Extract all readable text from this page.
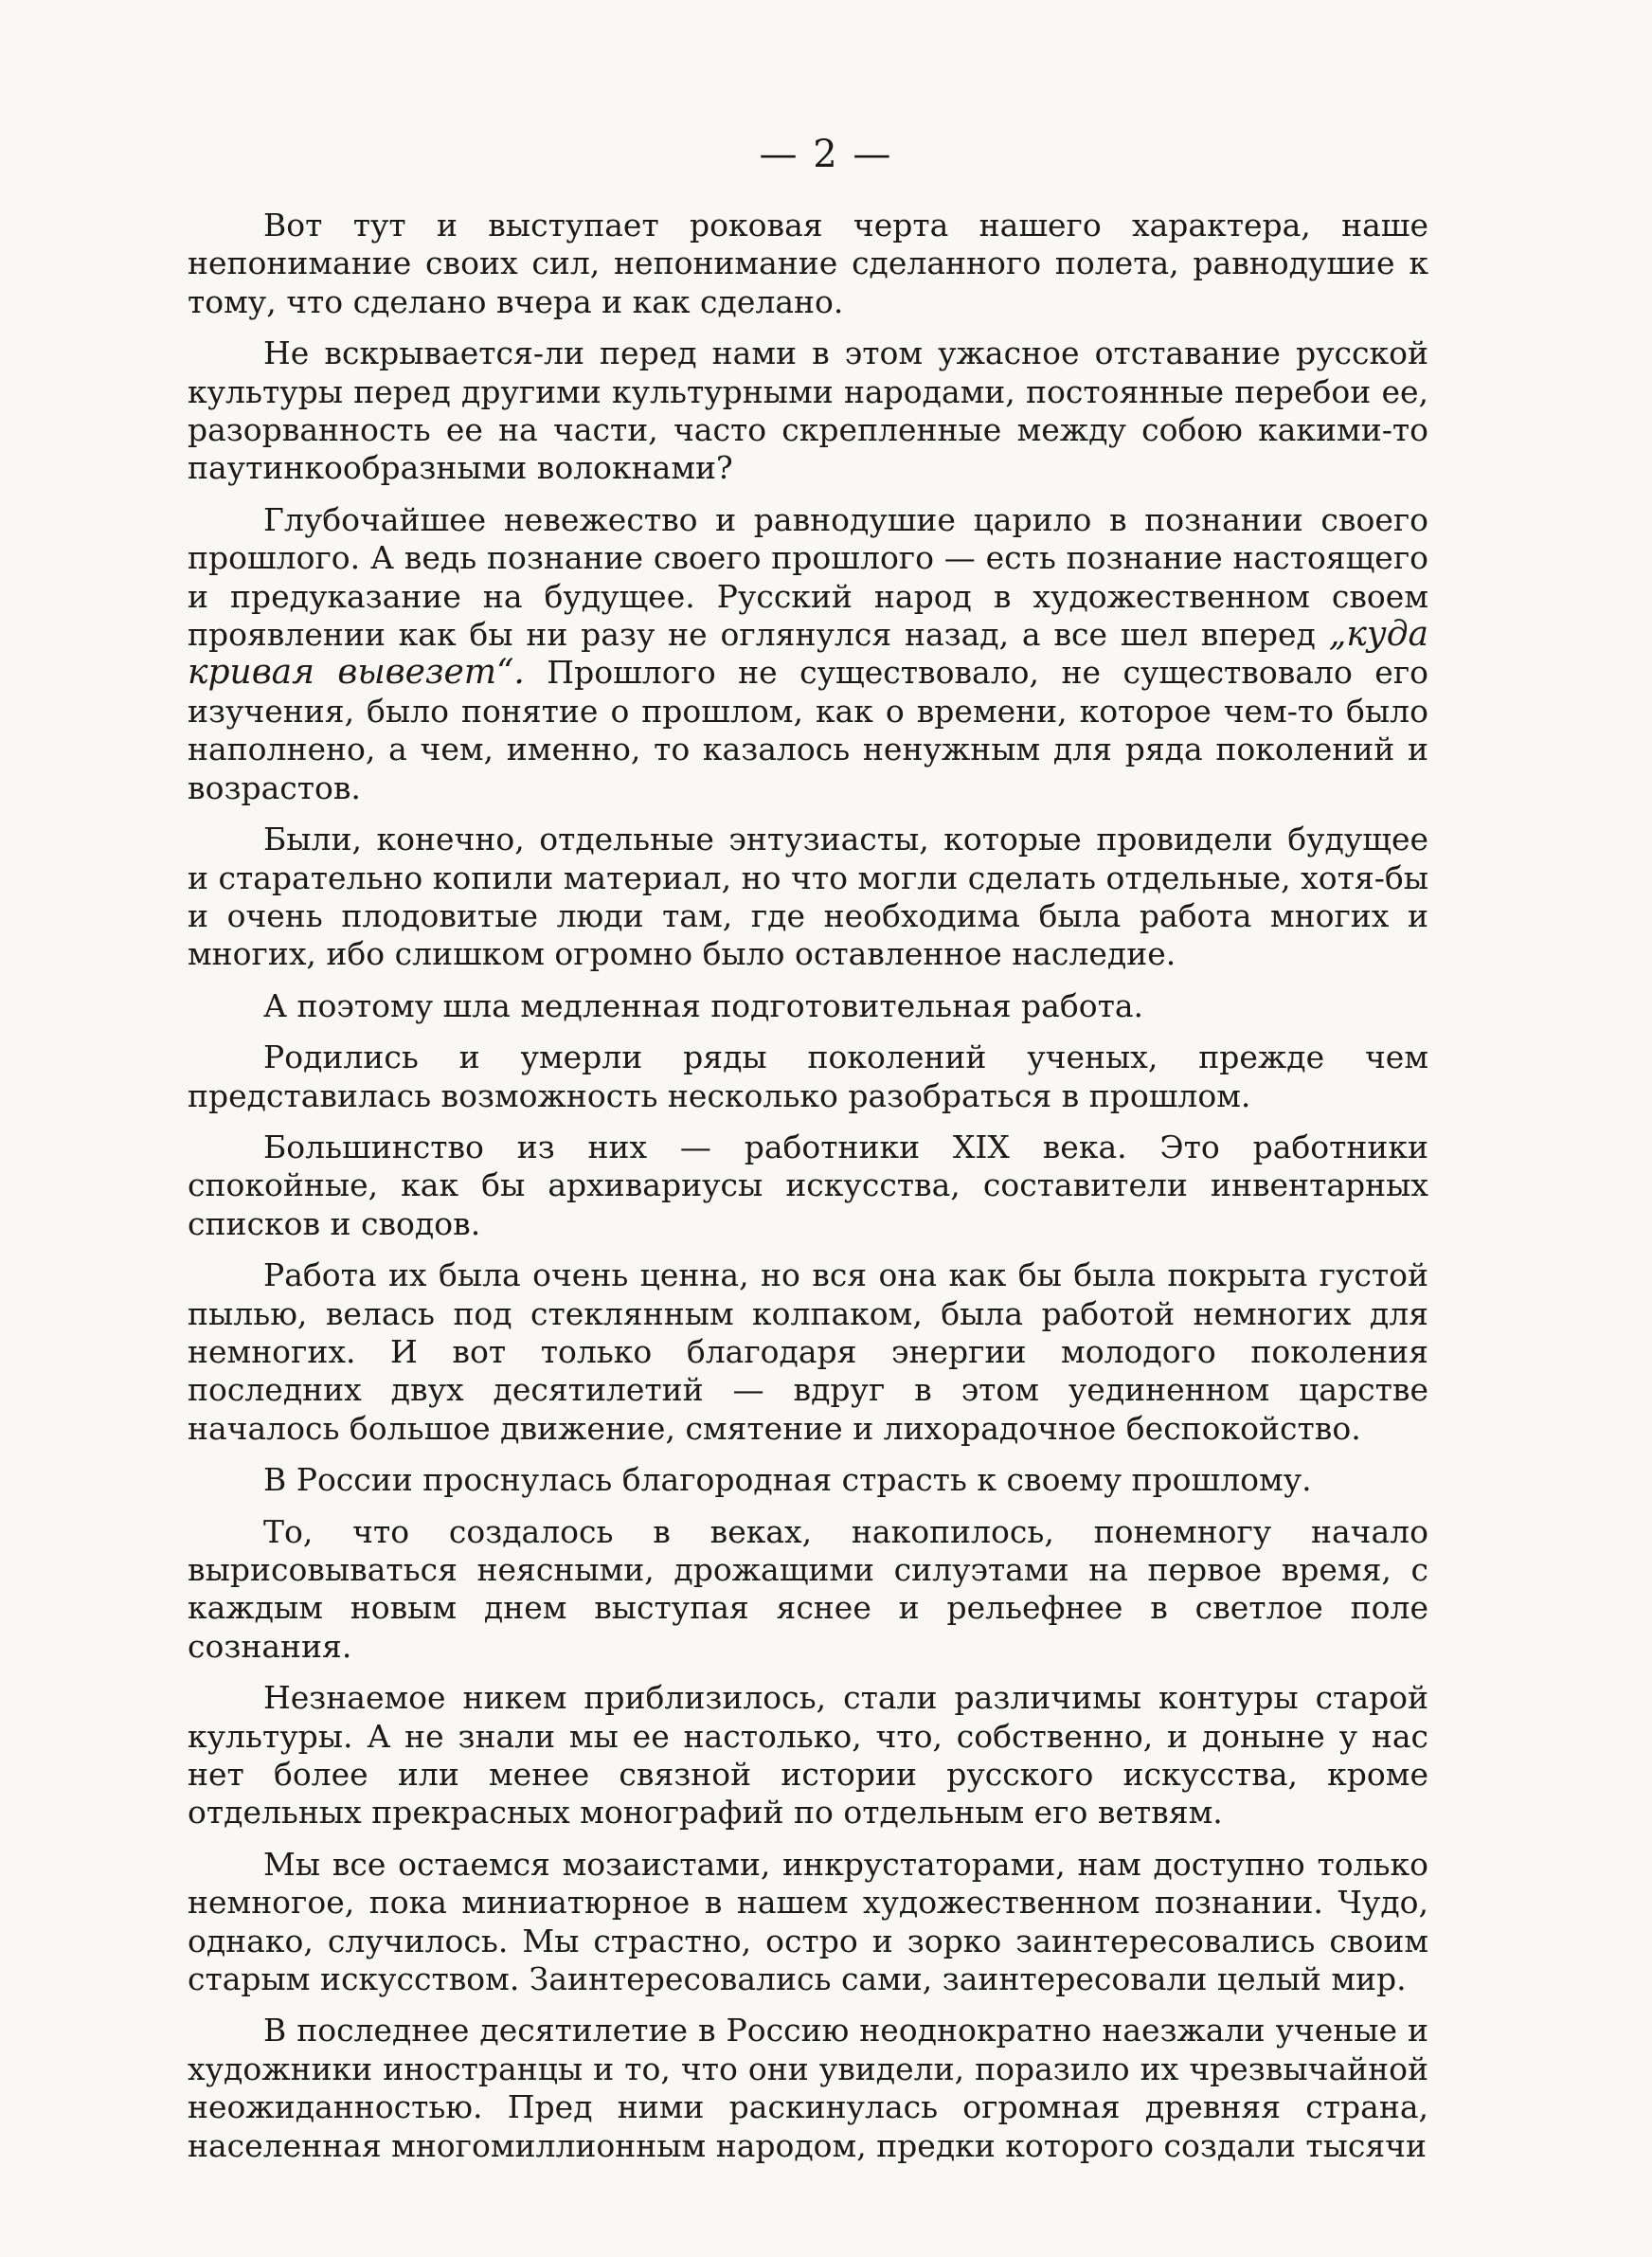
— 2 —

Вот тут и выступает роковая черта нашего характера, наше непонимание своих сил, непонимание сделанного полета, равнодушие к тому, что сделано вчера и как сделано.

Не вскрывается-ли перед нами в этом ужасное отставание русской культуры перед другими культурными народами, постоянные перебои ее, разорванность ее на части, часто скрепленные между собою какими-то паутинкообразными волокнами?

Глубочайшее невежество и равнодушие царило в познании своего прошлого. А ведь познание своего прошлого — есть познание настоящего и предуказание на будущее. Русский народ в художественном своем проявлении как бы ни разу не оглянулся назад, а все шел вперед „куда кривая вывезет“. Прошлого не существовало, не существовало его изучения, было понятие о прошлом, как о времени, которое чем-то было наполнено, а чем, именно, то казалось ненужным для ряда поколений и возрастов.

Были, конечно, отдельные энтузиасты, которые провидели будущее и старательно копили материал, но что могли сделать отдельные, хотя-бы и очень плодовитые люди там, где необходима была работа многих и многих, ибо слишком огромно было оставленное наследие.

А поэтому шла медленная подготовительная работа.

Родились и умерли ряды поколений ученых, прежде чем представилась возможность несколько разобраться в прошлом.

Большинство из них — работники XIX века. Это работники спокойные, как бы архивариусы искусства, составители инвентарных списков и сводов.

Работа их была очень ценна, но вся она как бы была покрыта густой пылью, велась под стеклянным колпаком, была работой немногих для немногих. И вот только благодаря энергии молодого поколения последних двух десятилетий — вдруг в этом уединенном царстве началось большое движение, смятение и лихорадочное беспокойство.

В России проснулась благородная страсть к своему прошлому.

То, что создалось в веках, накопилось, понемногу начало вырисовываться неясными, дрожащими силуэтами на первое время, с каждым новым днем выступая яснее и рельефнее в светлое поле сознания.

Незнаемое никем приблизилось, стали различимы контуры старой культуры. А не знали мы ее настолько, что, собственно, и доныне у нас нет более или менее связной истории русского искусства, кроме отдельных прекрасных монографий по отдельным его ветвям.

Мы все остаемся мозаистами, инкрустаторами, нам доступно только немногое, пока миниатюрное в нашем художественном познании. Чудо, однако, случилось. Мы страстно, остро и зорко заинтересовались своим старым искусством. Заинтересовались сами, заинтересовали целый мир.

В последнее десятилетие в Россию неоднократно наезжали ученые и художники иностранцы и то, что они увидели, поразило их чрезвычайной неожиданностью. Пред ними раскинулась огромная древняя страна, населенная многомиллионным народом, предки которого создали тысячи
